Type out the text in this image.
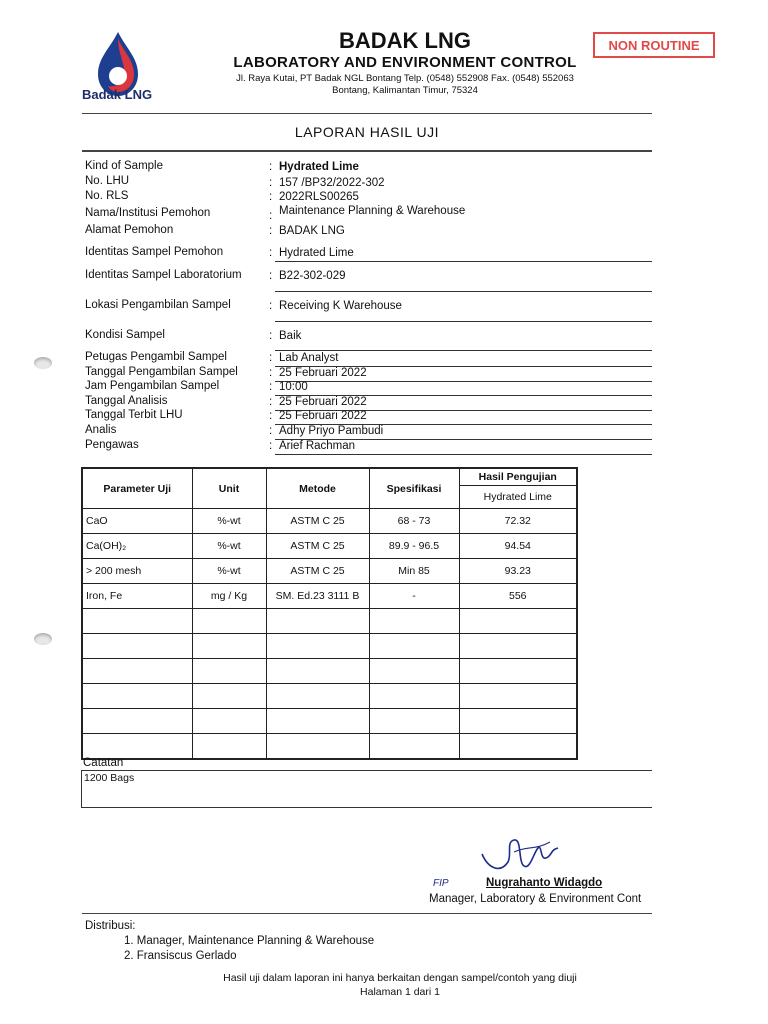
Badak LNG
BADAK LNG
LABORATORY AND ENVIRONMENT CONTROL
Jl. Raya Kutai, PT Badak NGL Bontang Telp. (0548) 552908 Fax. (0548) 552063
Bontang, Kalimantan Timur, 75324
NON ROUTINE
LAPORAN HASIL UJI
Kind of Sample	: Hydrated Lime
No. LHU	: 157 /BP32/2022-302
No. RLS	: 2022RLS00265
Nama/Institusi Pemohon	: Maintenance Planning & Warehouse
Alamat Pemohon	: BADAK LNG
Identitas Sampel Pemohon	: Hydrated Lime
Identitas Sampel Laboratorium : B22-302-029
Lokasi Pengambilan Sampel	: Receiving K Warehouse
Kondisi Sampel	: Baik
Petugas Pengambil Sampel	: Lab Analyst
Tanggal Pengambilan Sampel	: 25 Februari 2022
Jam Pengambilan Sampel	: 10:00
Tanggal Analisis	: 25 Februari 2022
Tanggal Terbit LHU	: 25 Februari 2022
Analis	: Adhy Priyo Pambudi
Pengawas	: Arief Rachman
Parameter Uji	Unit	Metode	Spesifikasi	Hasil Pengujian
				Hydrated Lime
CaO	%-wt	ASTM C 25	68 - 73	72.32
Ca(OH)₂	%-wt	ASTM C 25	89.9 - 96.5	94.54
> 200 mesh	%-wt	ASTM C 25	Min 85	93.23
Iron, Fe	mg / Kg	SM. Ed.23 3111 B	-	556

Catatan
1200 Bags
FIP	Nugrahanto Widagdo
Manager, Laboratory & Environment Cont
Distribusi:
1. Manager, Maintenance Planning & Warehouse
2. Fransiscus Gerlado
Hasil uji dalam laporan ini hanya berkaitan dengan sampel/contoh yang diuji
Halaman 1 dari 1
